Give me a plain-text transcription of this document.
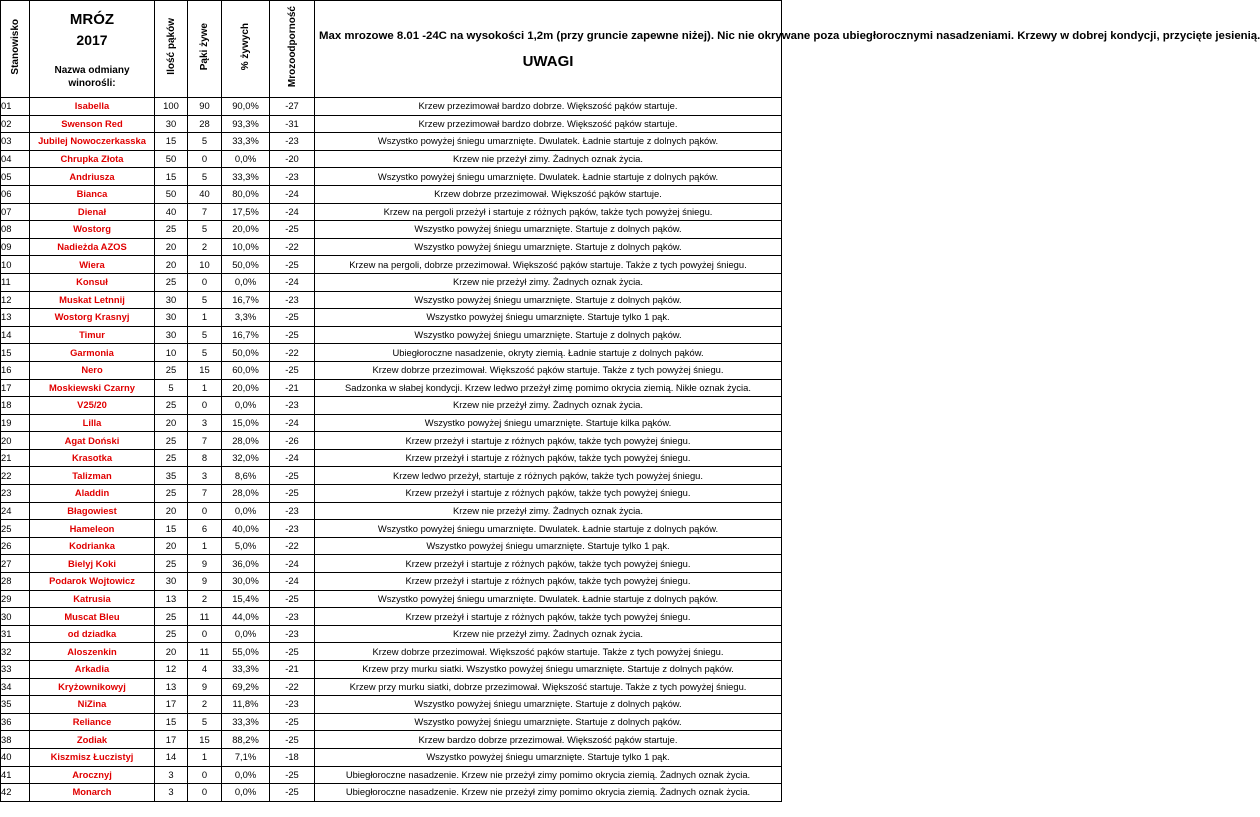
Stanowisko	MRÓZ
2017
Nazwa odmiany winorośli:	Ilość pąków	Pąki żywe	% żywych	Mrozoodporność	Max mrozowe 8.01 -24C na wysokości 1,2m (przy gruncie zapewne niżej). Nic nie okrywane poza ubiegłorocznymi nasadzeniami. Krzewy w dobrej kondycji, przycięte jesienią.
UWAGI

01	Isabella	100	90	90,0%	-27	Krzew przezimował bardzo dobrze. Większość pąków startuje.
02	Swenson Red	30	28	93,3%	-31	Krzew przezimował bardzo dobrze. Większość pąków startuje.
03	Jubilej Nowoczerkasska	15	5	33,3%	-23	Wszystko powyżej śniegu umarznięte. Dwulatek. Ładnie startuje z dolnych pąków.
04	Chrupka Złota	50	0	0,0%	-20	Krzew nie przeżył zimy. Żadnych oznak życia.
05	Andriusza	15	5	33,3%	-23	Wszystko powyżej śniegu umarznięte. Dwulatek. Ładnie startuje z dolnych pąków.
06	Bianca	50	40	80,0%	-24	Krzew dobrze przezimował. Większość pąków startuje.
07	Dienał	40	7	17,5%	-24	Krzew na pergoli przeżył i startuje z różnych pąków, także tych powyżej śniegu.
08	Wostorg	25	5	20,0%	-25	Wszystko powyżej śniegu umarznięte. Startuje z dolnych pąków.
09	Nadieżda AZOS	20	2	10,0%	-22	Wszystko powyżej śniegu umarznięte. Startuje z dolnych pąków.
10	Wiera	20	10	50,0%	-25	Krzew na pergoli, dobrze przezimował. Większość pąków startuje. Także z tych powyżej śniegu.
11	Konsuł	25	0	0,0%	-24	Krzew nie przeżył zimy. Żadnych oznak życia.
12	Muskat Letnnij	30	5	16,7%	-23	Wszystko powyżej śniegu umarznięte. Startuje z dolnych pąków.
13	Wostorg Krasnyj	30	1	3,3%	-25	Wszystko powyżej śniegu umarznięte. Startuje tylko 1 pąk.
14	Timur	30	5	16,7%	-25	Wszystko powyżej śniegu umarznięte. Startuje z dolnych pąków.
15	Garmonia	10	5	50,0%	-22	Ubiegłoroczne nasadzenie, okryty ziemią. Ładnie startuje z dolnych pąków.
16	Nero	25	15	60,0%	-25	Krzew dobrze przezimował. Większość pąków startuje. Także z tych powyżej śniegu.
17	Moskiewski Czarny	5	1	20,0%	-21	Sadzonka w słabej kondycji. Krzew ledwo przeżył zimę pomimo okrycia ziemią. Nikłe oznak życia.
18	V25/20	25	0	0,0%	-23	Krzew nie przeżył zimy. Żadnych oznak życia.
19	Lilla	20	3	15,0%	-24	Wszystko powyżej śniegu umarznięte. Startuje kilka pąków.
20	Agat Doński	25	7	28,0%	-26	Krzew przeżył i startuje z różnych pąków, także tych powyżej śniegu.
21	Krasotka	25	8	32,0%	-24	Krzew przeżył i startuje z różnych pąków, także tych powyżej śniegu.
22	Talizman	35	3	8,6%	-25	Krzew ledwo przeżył, startuje z różnych pąków, także tych powyżej śniegu.
23	Aladdin	25	7	28,0%	-25	Krzew przeżył i startuje z różnych pąków, także tych powyżej śniegu.
24	Błagowiest	20	0	0,0%	-23	Krzew nie przeżył zimy. Żadnych oznak życia.
25	Hameleon	15	6	40,0%	-23	Wszystko powyżej śniegu umarznięte. Dwulatek. Ładnie startuje z dolnych pąków.
26	Kodrianka	20	1	5,0%	-22	Wszystko powyżej śniegu umarznięte. Startuje tylko 1 pąk.
27	Bielyj Koki	25	9	36,0%	-24	Krzew przeżył i startuje z różnych pąków, także tych powyżej śniegu.
28	Podarok Wojtowicz	30	9	30,0%	-24	Krzew przeżył i startuje z różnych pąków, także tych powyżej śniegu.
29	Katrusia	13	2	15,4%	-25	Wszystko powyżej śniegu umarznięte. Dwulatek. Ładnie startuje z dolnych pąków.
30	Muscat Bleu	25	11	44,0%	-23	Krzew przeżył i startuje z różnych pąków, także tych powyżej śniegu.
31	od dziadka	25	0	0,0%	-23	Krzew nie przeżył zimy. Żadnych oznak życia.
32	Aloszenkin	20	11	55,0%	-25	Krzew dobrze przezimował. Większość pąków startuje. Także z tych powyżej śniegu.
33	Arkadia	12	4	33,3%	-21	Krzew przy murku siatki. Wszystko powyżej śniegu umarznięte. Startuje z dolnych pąków.
34	Kryżownikowyj	13	9	69,2%	-22	Krzew przy murku siatki, dobrze przezimował. Większość startuje. Także z tych powyżej śniegu.
35	NiZina	17	2	11,8%	-23	Wszystko powyżej śniegu umarznięte. Startuje z dolnych pąków.
36	Reliance	15	5	33,3%	-25	Wszystko powyżej śniegu umarznięte. Startuje z dolnych pąków.
38	Zodiak	17	15	88,2%	-25	Krzew bardzo dobrze przezimował. Większość pąków startuje.
40	Kiszmisz Łuczistyj	14	1	7,1%	-18	Wszystko powyżej śniegu umarznięte. Startuje tylko 1 pąk.
41	Arocznyj	3	0	0,0%	-25	Ubiegłoroczne nasadzenie. Krzew nie przeżył zimy pomimo okrycia ziemią. Żadnych oznak życia.
42	Monarch	3	0	0,0%	-25	Ubiegłoroczne nasadzenie. Krzew nie przeżył zimy pomimo okrycia ziemią. Żadnych oznak życia.
